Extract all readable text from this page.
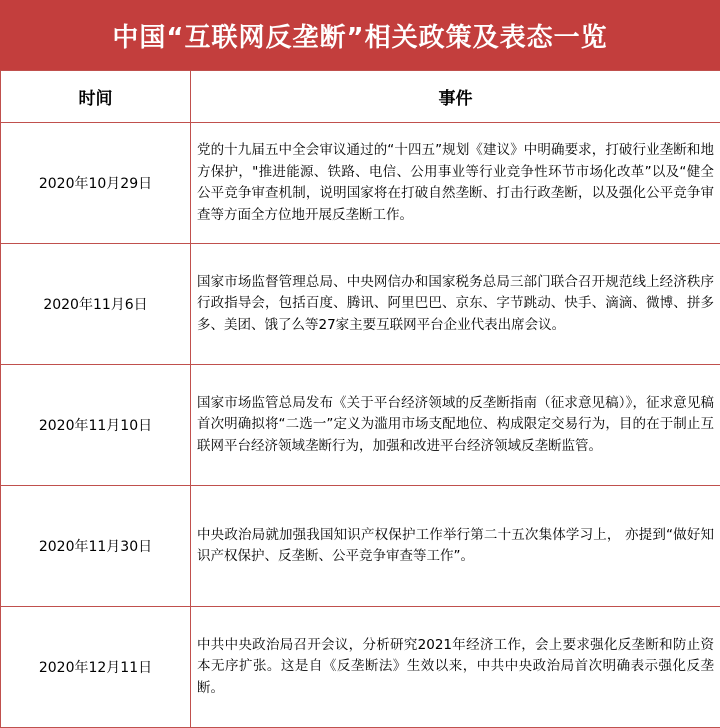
中国“互联网反垄断”相关政策及表态一览
时间	事件
2020年10月29日	党的十九届五中全会审议通过的“十四五”规划《建议》中明确要求，打破行业垄断和地方保护，"推进能源、铁路、电信、公用事业等行业竞争性环节市场化改革”以及“健全公平竞争审查机制，说明国家将在打破自然垄断、打击行政垄断，以及强化公平竞争审查等方面全方位地开展反垄断工作。
2020年11月6日	国家市场监督管理总局、中央网信办和国家税务总局三部门联合召开规范线上经济秩序行政指导会，包括百度、腾讯、阿里巴巴、京东、字节跳动、快手、滴滴、微博、拼多多、美团、饿了么等27家主要互联网平台企业代表出席会议。
2020年11月10日	国家市场监管总局发布《关于平台经济领域的反垄断指南（征求意见稿）》，征求意见稿首次明确拟将“二选一”定义为滥用市场支配地位、构成限定交易行为，目的在于制止互联网平台经济领域垄断行为，加强和改进平台经济领域反垄断监管。
2020年11月30日	中央政治局就加强我国知识产权保护工作举行第二十五次集体学习上， 亦提到“做好知识产权保护、反垄断、公平竞争审查等工作”。
2020年12月11日	中共中央政治局召开会议，分析研究2021年经济工作，会上要求强化反垄断和防止资本无序扩张。这是自《反垄断法》生效以来，中共中央政治局首次明确表示强化反垄断。
